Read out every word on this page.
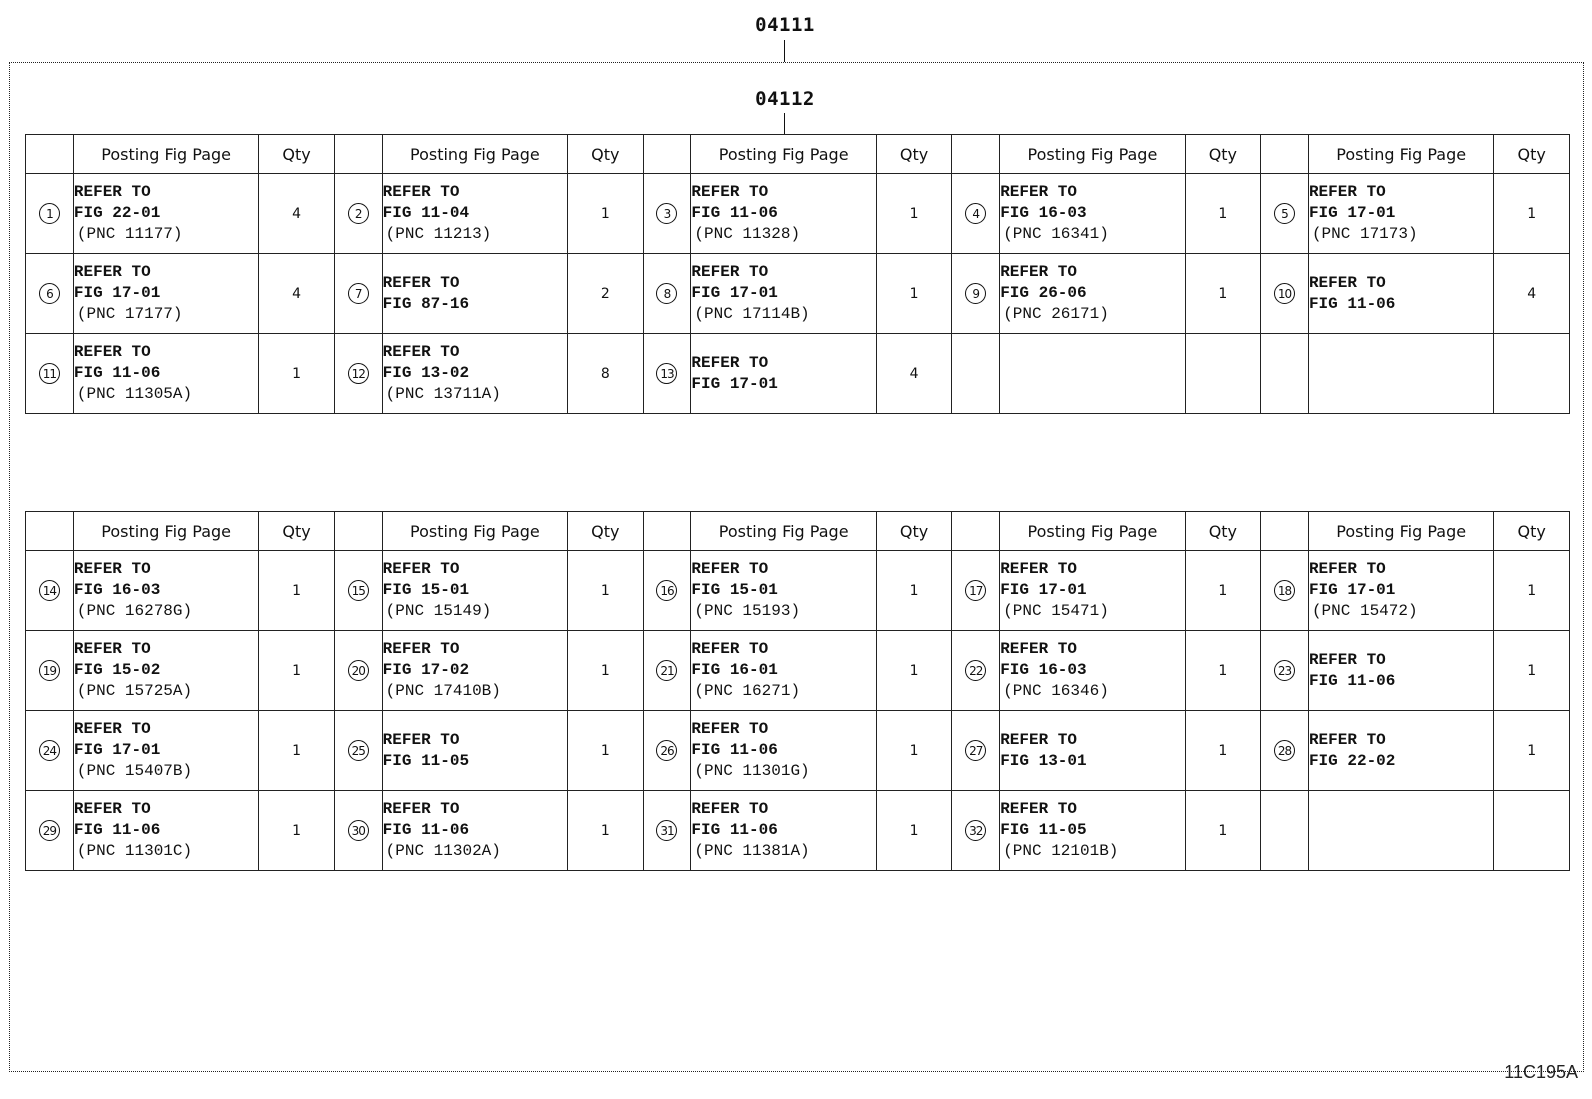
04111
04112
	Posting Fig Page	Qty		Posting Fig Page	Qty		Posting Fig Page	Qty		Posting Fig Page	Qty		Posting Fig Page	Qty
1	REFER TO
FIG 22-01
(PNC 11177)	4	2	REFER TO
FIG 11-04
(PNC 11213)	1	3	REFER TO
FIG 11-06
(PNC 11328)	1	4	REFER TO
FIG 16-03
(PNC 16341)	1	5	REFER TO
FIG 17-01
(PNC 17173)	1
6	REFER TO
FIG 17-01
(PNC 17177)	4	7	REFER TO
FIG 87-16	2	8	REFER TO
FIG 17-01
(PNC 17114B)	1	9	REFER TO
FIG 26-06
(PNC 26171)	1	10	REFER TO
FIG 11-06	4
11	REFER TO
FIG 11-06
(PNC 11305A)	1	12	REFER TO
FIG 13-02
(PNC 13711A)	8	13	REFER TO
FIG 17-01	4						
	Posting Fig Page	Qty		Posting Fig Page	Qty		Posting Fig Page	Qty		Posting Fig Page	Qty		Posting Fig Page	Qty
14	REFER TO
FIG 16-03
(PNC 16278G)	1	15	REFER TO
FIG 15-01
(PNC 15149)	1	16	REFER TO
FIG 15-01
(PNC 15193)	1	17	REFER TO
FIG 17-01
(PNC 15471)	1	18	REFER TO
FIG 17-01
(PNC 15472)	1
19	REFER TO
FIG 15-02
(PNC 15725A)	1	20	REFER TO
FIG 17-02
(PNC 17410B)	1	21	REFER TO
FIG 16-01
(PNC 16271)	1	22	REFER TO
FIG 16-03
(PNC 16346)	1	23	REFER TO
FIG 11-06	1
24	REFER TO
FIG 17-01
(PNC 15407B)	1	25	REFER TO
FIG 11-05	1	26	REFER TO
FIG 11-06
(PNC 11301G)	1	27	REFER TO
FIG 13-01	1	28	REFER TO
FIG 22-02	1
29	REFER TO
FIG 11-06
(PNC 11301C)	1	30	REFER TO
FIG 11-06
(PNC 11302A)	1	31	REFER TO
FIG 11-06
(PNC 11381A)	1	32	REFER TO
FIG 11-05
(PNC 12101B)	1			
11C195A
